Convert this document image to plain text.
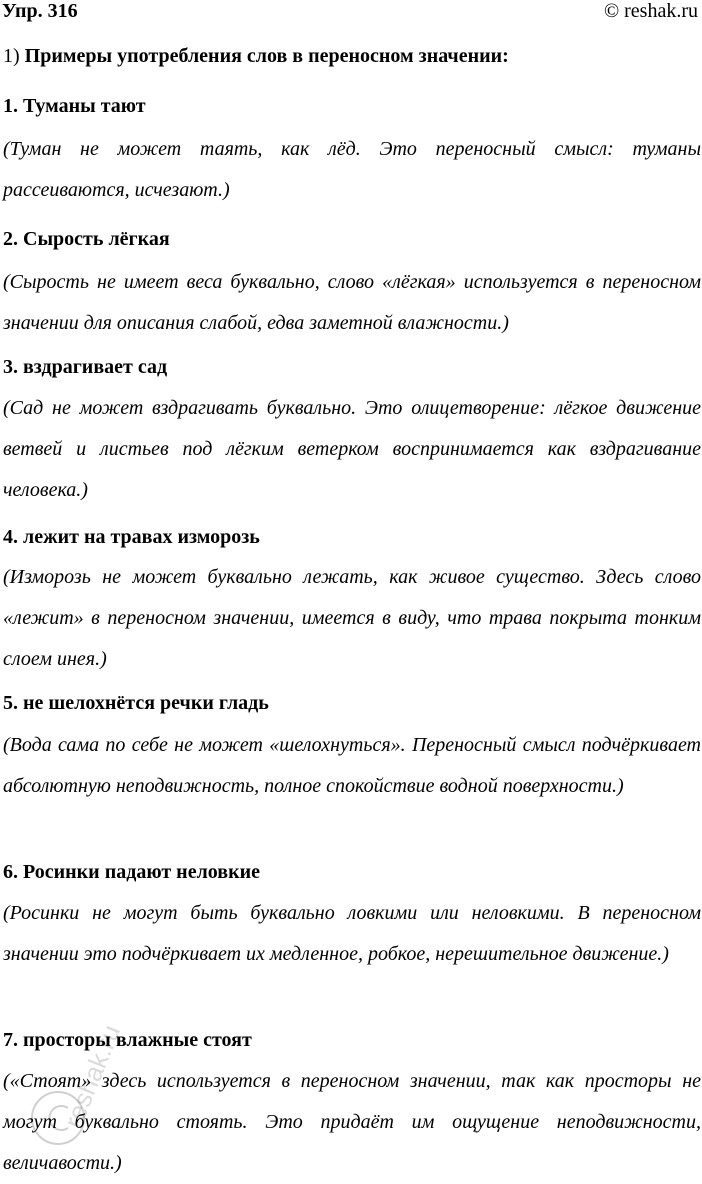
Упр. 316	© reshak.ru
1) Примеры употребления слов в переносном значении:
1. Туманы тают
(Туман не может таять, как лёд. Это переносный смысл: туманы рассеиваются, исчезают.)
2. Сырость лёгкая
(Сырость не имеет веса буквально, слово «лёгкая» используется в переносном значении для описания слабой, едва заметной влажности.)
3. вздрагивает сад
(Сад не может вздрагивать буквально. Это олицетворение: лёгкое движение ветвей и листьев под лёгким ветерком воспринимается как вздрагивание человека.)
4. лежит на травах изморозь
(Изморозь не может буквально лежать, как живое существо. Здесь слово «лежит» в переносном значении, имеется в виду, что трава покрыта тонким слоем инея.)
5. не шелохнётся речки гладь
(Вода сама по себе не может «шелохнуться». Переносный смысл подчёркивает абсолютную неподвижность, полное спокойствие водной поверхности.)
6. Росинки падают неловкие
(Росинки не могут быть буквально ловкими или неловкими. В переносном значении это подчёркивает их медленное, робкое, нерешительное движение.)
7. просторы влажные стоят
(«Стоят» здесь используется в переносном значении, так как просторы не могут буквально стоять. Это придаёт им ощущение неподвижности, величавости.)
reshak.ru
